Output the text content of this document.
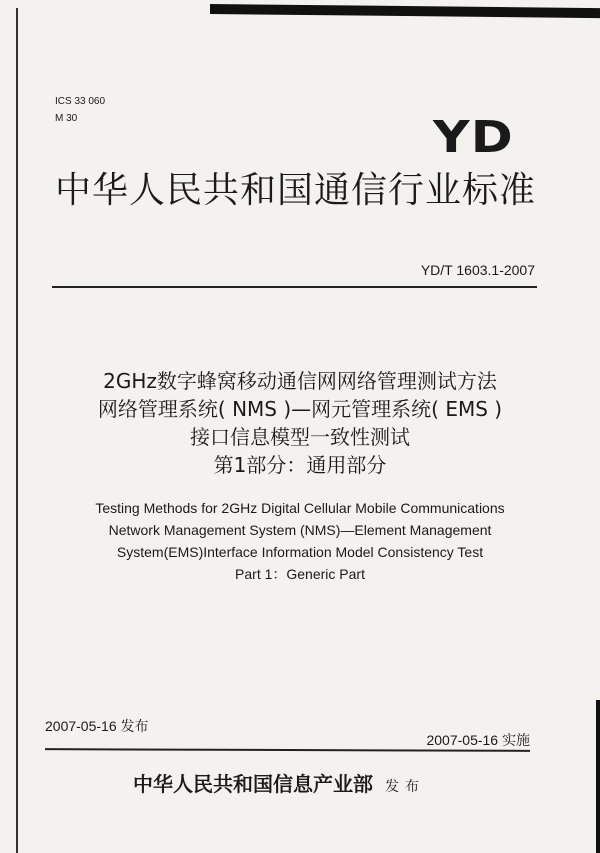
ICS 33 060
M 30	YD
中华人民共和国通信行业标准
YD/T 1603.1-2007
2GHz数字蜂窝移动通信网网络管理测试方法
网络管理系统( NMS )—网元管理系统( EMS )
接口信息模型一致性测试
第1部分：通用部分
Testing Methods for 2GHz Digital Cellular Mobile Communications
Network Management System (NMS)—Element Management
System(EMS)Interface Information Model Consistency Test
Part 1：Generic Part
2007-05-16 发布
2007-05-16 实施
中华人民共和国信息产业部 发布
